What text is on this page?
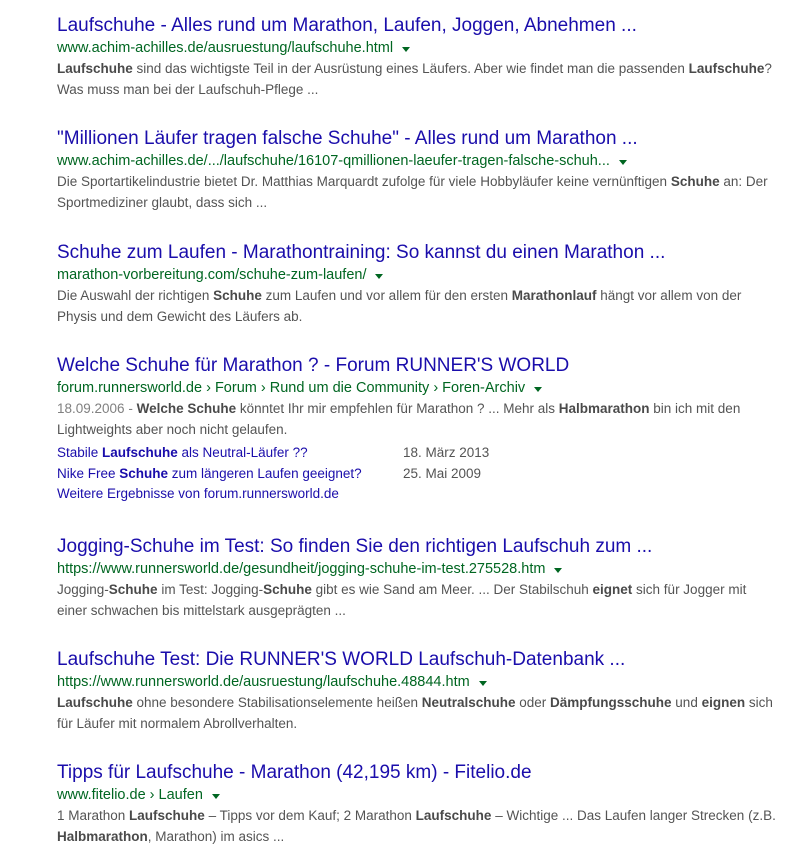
Laufschuhe - Alles rund um Marathon, Laufen, Joggen, Abnehmen ...
www.achim-achilles.de/ausruestung/laufschuhe.html
Laufschuhe sind das wichtigste Teil in der Ausrüstung eines Läufers. Aber wie findet man die passenden Laufschuhe? Was muss man bei der Laufschuh-Pflege ...
"Millionen Läufer tragen falsche Schuhe" - Alles rund um Marathon ...
www.achim-achilles.de/.../laufschuhe/16107-qmillionen-laeufer-tragen-falsche-schuh...
Die Sportartikelindustrie bietet Dr. Matthias Marquardt zufolge für viele Hobbyläufer keine vernünftigen Schuhe an: Der Sportmediziner glaubt, dass sich ...
Schuhe zum Laufen - Marathontraining: So kannst du einen Marathon ...
marathon-vorbereitung.com/schuhe-zum-laufen/
Die Auswahl der richtigen Schuhe zum Laufen und vor allem für den ersten Marathonlauf hängt vor allem von der Physis und dem Gewicht des Läufers ab.
Welche Schuhe für Marathon ? - Forum RUNNER'S WORLD
forum.runnersworld.de › Forum › Rund um die Community › Foren-Archiv
18.09.2006 - Welche Schuhe könntet Ihr mir empfehlen für Marathon ? ... Mehr als Halbmarathon bin ich mit den Lightweights aber noch nicht gelaufen.
Stabile Laufschuhe als Neutral-Läufer ??	18. März 2013
Nike Free Schuhe zum längeren Laufen geeignet?	25. Mai 2009
Weitere Ergebnisse von forum.runnersworld.de
Jogging-Schuhe im Test: So finden Sie den richtigen Laufschuh zum ...
https://www.runnersworld.de/gesundheit/jogging-schuhe-im-test.275528.htm
Jogging-Schuhe im Test: Jogging-Schuhe gibt es wie Sand am Meer. ... Der Stabilschuh eignet sich für Jogger mit einer schwachen bis mittelstark ausgeprägten ...
Laufschuhe Test: Die RUNNER'S WORLD Laufschuh-Datenbank ...
https://www.runnersworld.de/ausruestung/laufschuhe.48844.htm
Laufschuhe ohne besondere Stabilisationselemente heißen Neutralschuhe oder Dämpfungsschuhe und eignen sich für Läufer mit normalem Abrollverhalten.
Tipps für Laufschuhe - Marathon (42,195 km) - Fitelio.de
www.fitelio.de › Laufen
1 Marathon Laufschuhe – Tipps vor dem Kauf; 2 Marathon Laufschuhe – Wichtige ... Das Laufen langer Strecken (z.B. Halbmarathon, Marathon) im asics ...
